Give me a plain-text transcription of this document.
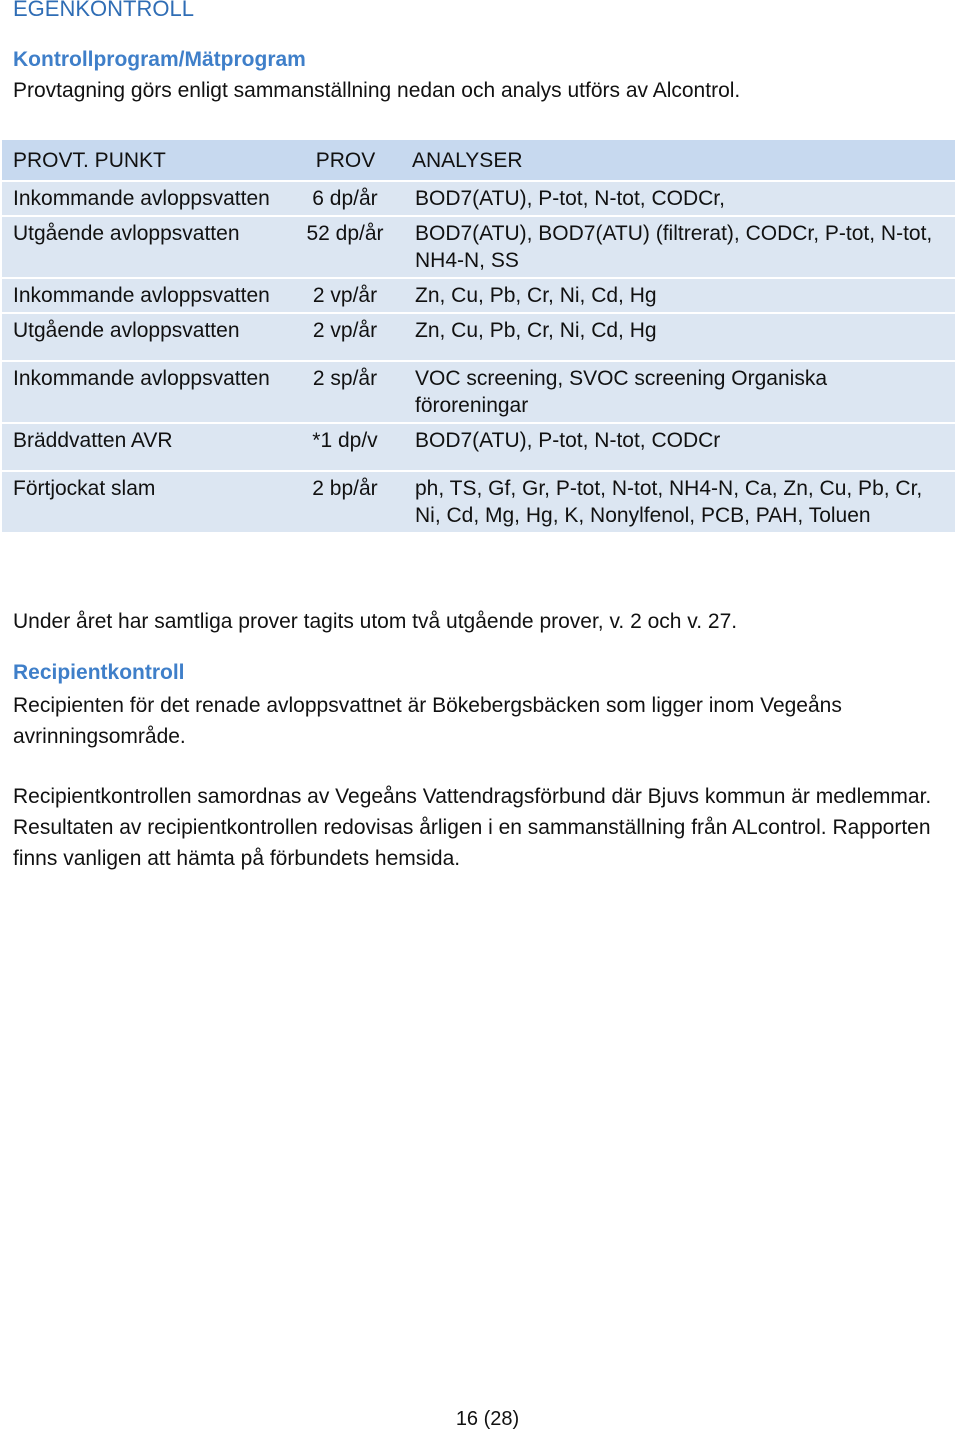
EGENKONTROLL
Kontrollprogram/Mätprogram
Provtagning görs enligt sammanställning nedan och analys utförs av Alcontrol.
PROVT. PUNKT	PROV	ANALYSER
Inkommande avloppsvatten	6 dp/år	BOD7(ATU), P-tot, N-tot, CODCr,
Utgående avloppsvatten	52 dp/år	BOD7(ATU), BOD7(ATU) (filtrerat), CODCr, P-tot, N-tot, NH4-N, SS
Inkommande avloppsvatten	2 vp/år	Zn, Cu, Pb, Cr, Ni, Cd, Hg
Utgående avloppsvatten	2 vp/år	Zn, Cu, Pb, Cr, Ni, Cd, Hg
Inkommande avloppsvatten	2 sp/år	VOC screening, SVOC screening Organiska föroreningar
Bräddvatten AVR	*1 dp/v	BOD7(ATU), P-tot, N-tot, CODCr
Förtjockat slam	2 bp/år	ph, TS, Gf, Gr, P-tot, N-tot, NH4-N, Ca, Zn, Cu, Pb, Cr, Ni, Cd, Mg, Hg, K, Nonylfenol, PCB, PAH, Toluen
Under året har samtliga prover tagits utom två utgående prover, v. 2 och v. 27.
Recipientkontroll
Recipienten för det renade avloppsvattnet är Bökebergsbäcken som ligger inom Vegeåns avrinningsområde.
Recipientkontrollen samordnas av Vegeåns Vattendragsförbund där Bjuvs kommun är medlemmar. Resultaten av recipientkontrollen redovisas årligen i en sammanställning från ALcontrol. Rapporten finns vanligen att hämta på förbundets hemsida.
16 (28)
